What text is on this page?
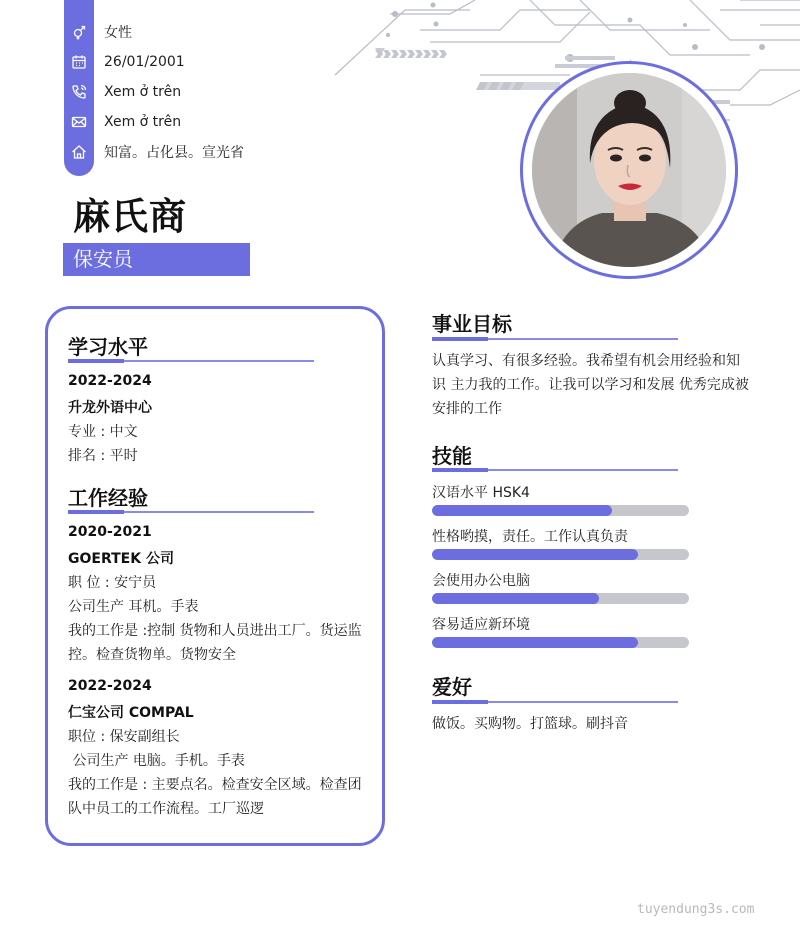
女性
26/01/2001
Xem ở trên
Xem ở trên
知富。占化县。宣光省
麻氏商
保安员
学习水平
2022-2024
升龙外语中心
专业 : 中文
排名 : 平时
工作经验
2020-2021
GOERTEK 公司
职 位 : 安宁员
公司生产 耳机。手表
我的工作是 :控制 货物和人员进出工厂。货运监
控。检查货物单。货物安全
2022-2024
仁宝公司 COMPAL
职位 : 保安副组长
公司生产 电脑。手机。手表
我的工作是 : 主要点名。检查安全区域。检查团
队中员工的工作流程。工厂巡逻
事业目标
认真学习、有很多经验。我希望有机会用经验和知
识 主力我的工作。让我可以学习和发展 优秀完成被
安排的工作
技能
汉语水平 HSK4
性格哟摸，责任。工作认真负责
会使用办公电脑
容易适应新环境
爱好
做饭。买购物。打篮球。刷抖音
tuyendung3s.com
